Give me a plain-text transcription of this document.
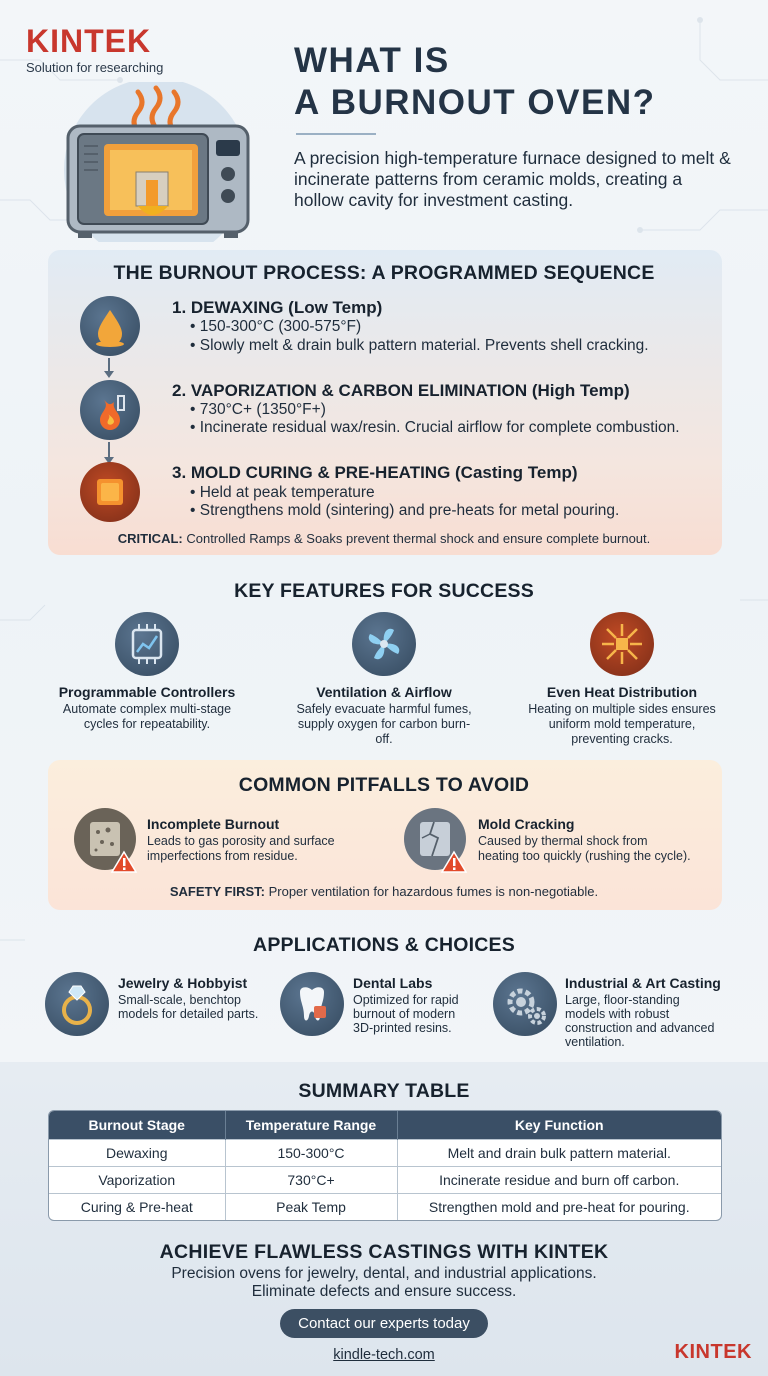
KINTEK
Solution for researching	WHAT IS
A BURNOUT OVEN?
A precision high-temperature furnace designed to melt & incinerate patterns from ceramic molds, creating a hollow cavity for investment casting.
THE BURNOUT PROCESS: A PROGRAMMED SEQUENCE
1. DEWAXING (Low Temp)
• 150-300°C (300-575°F)
• Slowly melt & drain bulk pattern material. Prevents shell cracking.
2. VAPORIZATION & CARBON ELIMINATION (High Temp)
• 730°C+ (1350°F+)
• Incinerate residual wax/resin. Crucial airflow for complete combustion.
3. MOLD CURING & PRE-HEATING (Casting Temp)
• Held at peak temperature
• Strengthens mold (sintering) and pre-heats for metal pouring.
CRITICAL: Controlled Ramps & Soaks prevent thermal shock and ensure complete burnout.
KEY FEATURES FOR SUCCESS
Programmable Controllers
Automate complex multi-stage cycles for repeatability.
Ventilation & Airflow
Safely evacuate harmful fumes, supply oxygen for carbon burn-off.
Even Heat Distribution
Heating on multiple sides ensures uniform mold temperature, preventing cracks.
COMMON PITFALLS TO AVOID
Incomplete Burnout
Leads to gas porosity and surface
imperfections from residue.
Mold Cracking
Caused by thermal shock from
heating too quickly (rushing the cycle).
SAFETY FIRST: Proper ventilation for hazardous fumes is non-negotiable.
APPLICATIONS & CHOICES
Jewelry & Hobbyist
Small-scale, benchtop
models for detailed parts.
Dental Labs
Optimized for rapid
burnout of modern
3D-printed resins.
Industrial & Art Casting
Large, floor-standing
models with robust
construction and advanced
ventilation.
SUMMARY TABLE
Burnout Stage	Temperature Range	Key Function
Dewaxing	150-300°C	Melt and drain bulk pattern material.
Vaporization	730°C+	Incinerate residue and burn off carbon.
Curing & Pre-heat	Peak Temp	Strengthen mold and pre-heat for pouring.
ACHIEVE FLAWLESS CASTINGS WITH KINTEK
Precision ovens for jewelry, dental, and industrial applications.
Eliminate defects and ensure success.
Contact our experts today
kindle-tech.com	KINTEK
